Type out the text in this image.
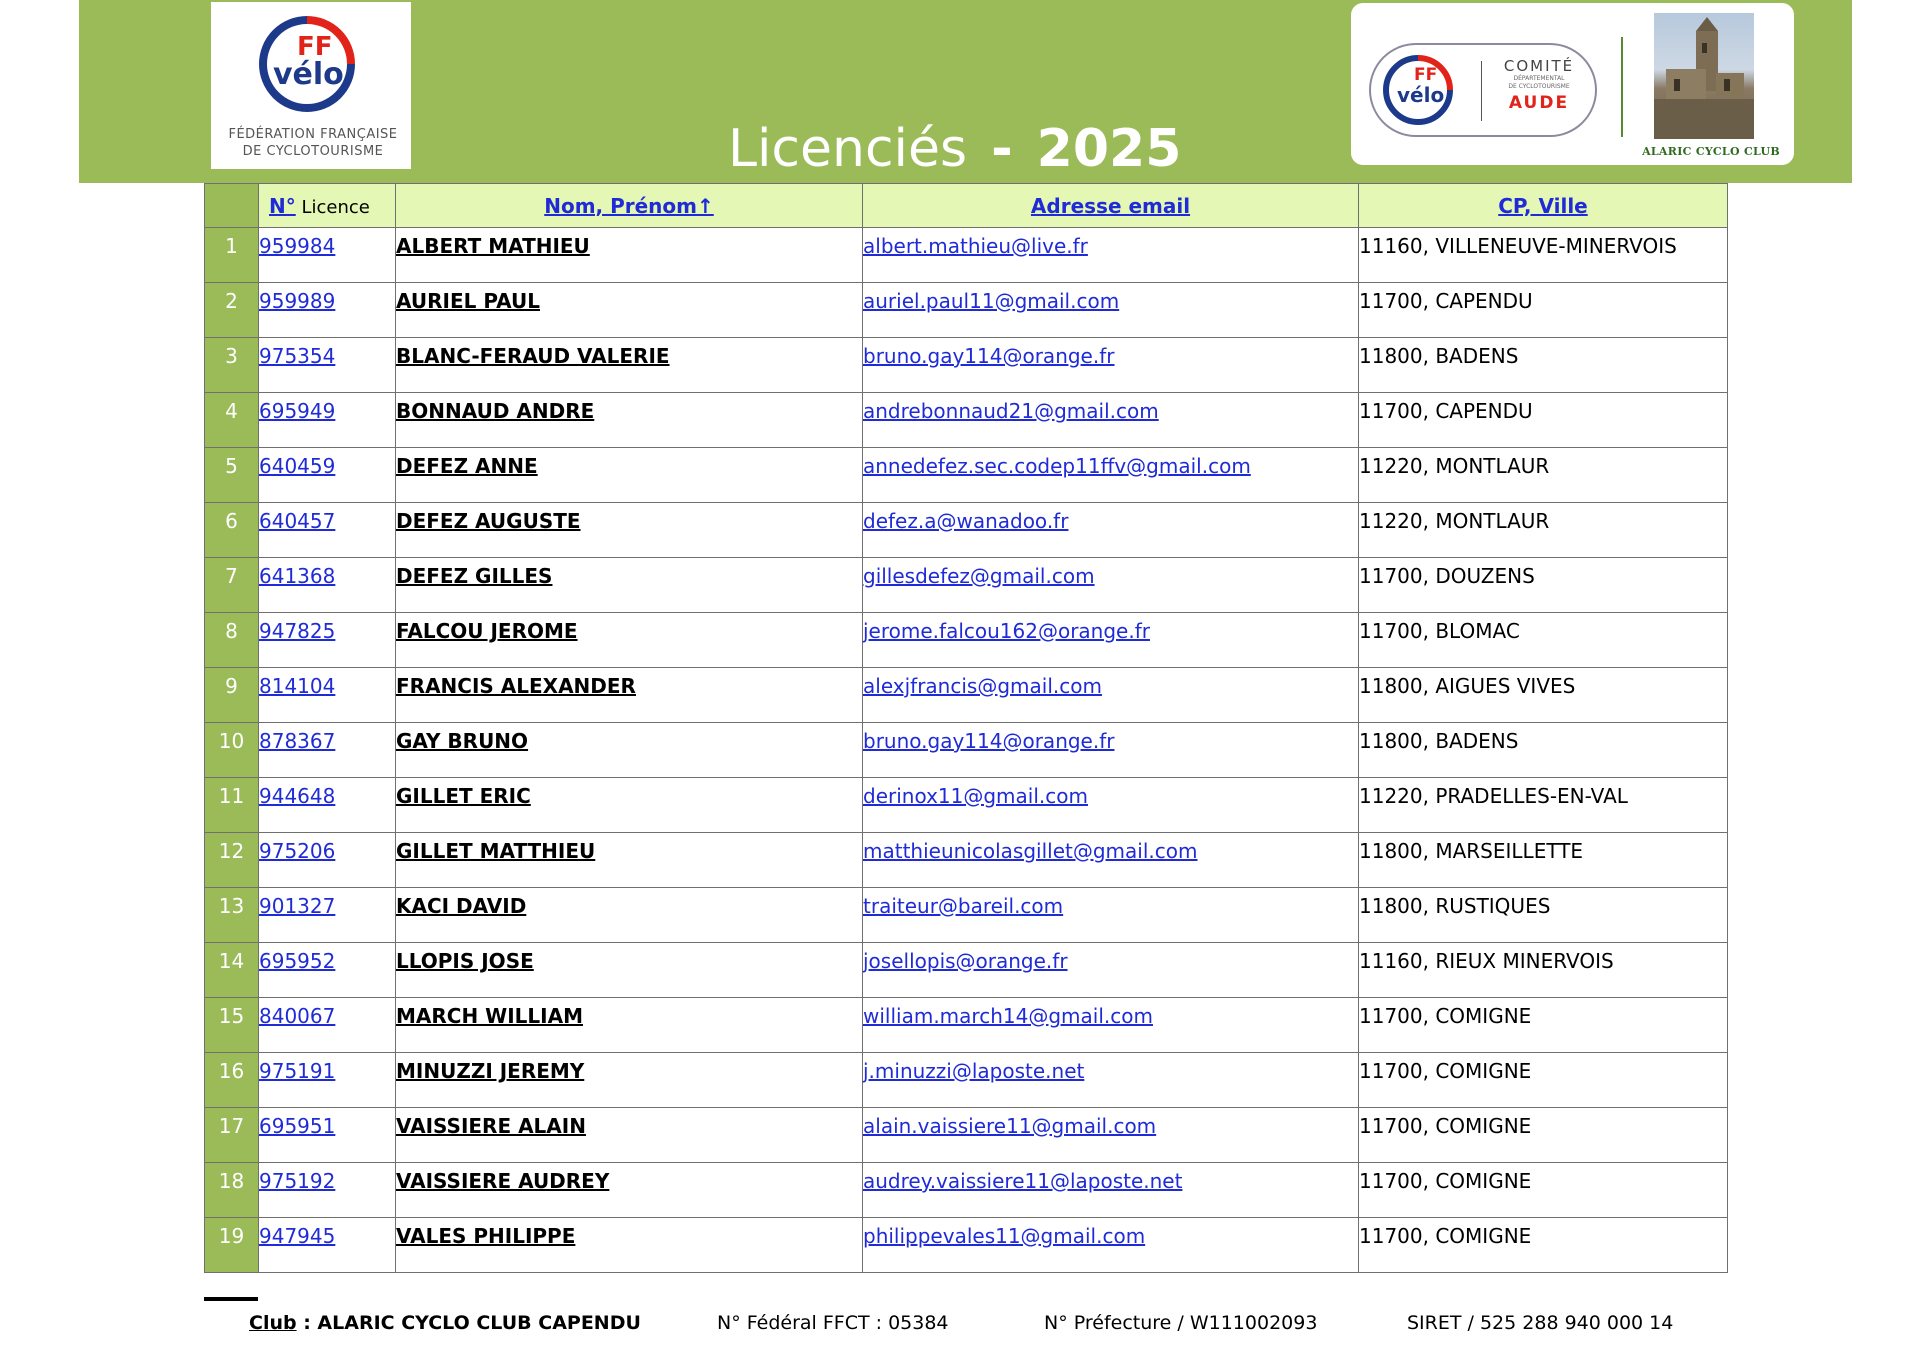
FF
vélo
FÉDÉRATION FRANÇAISE
DE CYCLOTOURISME	Licenciés - 2025
FF
vélo
COMITÉ
DÉPARTEMENTAL
DE CYCLOTOURISME
AUDE
ALARIC CYCLO CLUB
	N° Licence	Nom, Prénom↑	Adresse email	CP, Ville
1	959984	ALBERT MATHIEU	albert.mathieu@live.fr	11160, VILLENEUVE-MINERVOIS
2	959989	AURIEL PAUL	auriel.paul11@gmail.com	11700, CAPENDU
3	975354	BLANC-FERAUD VALERIE	bruno.gay114@orange.fr	11800, BADENS
4	695949	BONNAUD ANDRE	andrebonnaud21@gmail.com	11700, CAPENDU
5	640459	DEFEZ ANNE	annedefez.sec.codep11ffv@gmail.com	11220, MONTLAUR
6	640457	DEFEZ AUGUSTE	defez.a@wanadoo.fr	11220, MONTLAUR
7	641368	DEFEZ GILLES	gillesdefez@gmail.com	11700, DOUZENS
8	947825	FALCOU JEROME	jerome.falcou162@orange.fr	11700, BLOMAC
9	814104	FRANCIS ALEXANDER	alexjfrancis@gmail.com	11800, AIGUES VIVES
10	878367	GAY BRUNO	bruno.gay114@orange.fr	11800, BADENS
11	944648	GILLET ERIC	derinox11@gmail.com	11220, PRADELLES-EN-VAL
12	975206	GILLET MATTHIEU	matthieunicolasgillet@gmail.com	11800, MARSEILLETTE
13	901327	KACI DAVID	traiteur@bareil.com	11800, RUSTIQUES
14	695952	LLOPIS JOSE	josellopis@orange.fr	11160, RIEUX MINERVOIS
15	840067	MARCH WILLIAM	william.march14@gmail.com	11700, COMIGNE
16	975191	MINUZZI JEREMY	j.minuzzi@laposte.net	11700, COMIGNE
17	695951	VAISSIERE ALAIN	alain.vaissiere11@gmail.com	11700, COMIGNE
18	975192	VAISSIERE AUDREY	audrey.vaissiere11@laposte.net	11700, COMIGNE
19	947945	VALES PHILIPPE	philippevales11@gmail.com	11700, COMIGNE
Club : ALARIC CYCLO CLUB CAPENDU	N° Fédéral FFCT : 05384	N° Préfecture / W111002093	SIRET / 525 288 940 000 14
